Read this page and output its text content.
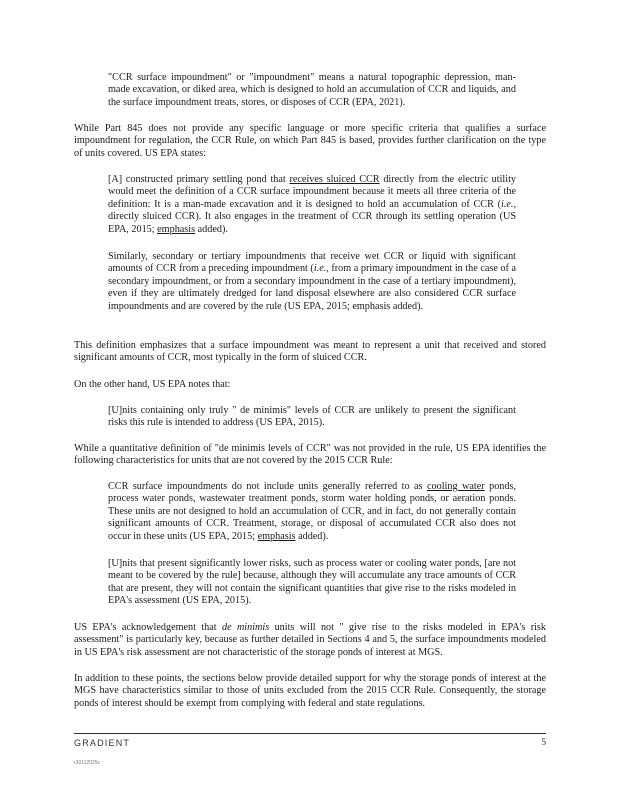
"CCR surface impoundment" or "impoundment" means a natural topographic depression, man-made excavation, or diked area, which is designed to hold an accumulation of CCR and liquids, and the surface impoundment treats, stores, or disposes of CCR (EPA, 2021).

While Part 845 does not provide any specific language or more specific criteria that qualifies a surface impoundment for regulation, the CCR Rule, on which Part 845 is based, provides further clarification on the type of units covered. US EPA states:

[A] constructed primary settling pond that receives sluiced CCR directly from the electric utility would meet the definition of a CCR surface impoundment because it meets all three criteria of the definition: It is a man-made excavation and it is designed to hold an accumulation of CCR (i.e., directly sluiced CCR). It also engages in the treatment of CCR through its settling operation (US EPA, 2015; emphasis added).

Similarly, secondary or tertiary impoundments that receive wet CCR or liquid with significant amounts of CCR from a preceding impoundment (i.e., from a primary impoundment in the case of a secondary impoundment, or from a secondary impoundment in the case of a tertiary impoundment), even if they are ultimately dredged for land disposal elsewhere are also considered CCR surface impoundments and are covered by the rule (US EPA, 2015; emphasis added).

This definition emphasizes that a surface impoundment was meant to represent a unit that received and stored significant amounts of CCR, most typically in the form of sluiced CCR.

On the other hand, US EPA notes that:

[U]nits containing only truly " de minimis" levels of CCR are unlikely to present the significant risks this rule is intended to address (US EPA, 2015).

While a quantitative definition of "de minimis levels of CCR" was not provided in the rule, US EPA identifies the following characteristics for units that are not covered by the 2015 CCR Rule:

CCR surface impoundments do not include units generally referred to as cooling water ponds, process water ponds, wastewater treatment ponds, storm water holding ponds, or aeration ponds. These units are not designed to hold an accumulation of CCR, and in fact, do not generally contain significant amounts of CCR. Treatment, storage, or disposal of accumulated CCR also does not occur in these units (US EPA, 2015; emphasis added).

[U]nits that present significantly lower risks, such as process water or cooling water ponds, [are not meant to be covered by the rule] because, although they will accumulate any trace amounts of CCR that are present, they will not contain the significant quantities that give rise to the risks modeled in EPA's assessment (US EPA, 2015).

US EPA's acknowledgement that de minimis units will not " give rise to the risks modeled in EPA's risk assessment" is particularly key, because as further detailed in Sections 4 and 5, the surface impoundments modeled in US EPA's risk assessment are not characteristic of the storage ponds of interest at MGS.

In addition to these points, the sections below provide detailed support for why the storage ponds of interest at the MGS have characteristics similar to those of units excluded from the 2015 CCR Rule. Consequently, the storage ponds of interest should be exempt from complying with federal and state regulations.

GRADIENT	5
r30112025c
